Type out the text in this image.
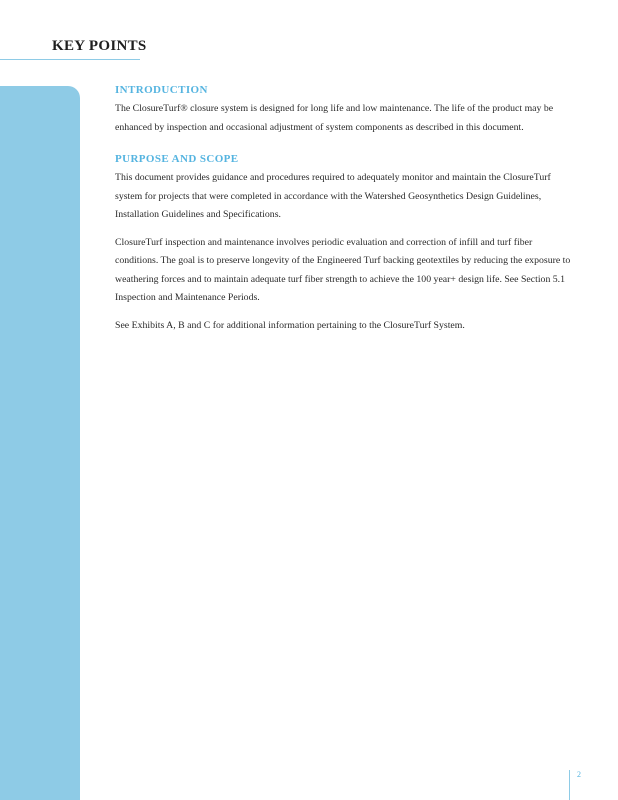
KEY POINTS
INTRODUCTION

The ClosureTurf® closure system is designed for long life and low maintenance. The life of the product may be enhanced by inspection and occasional adjustment of system components as described in this document.

PURPOSE AND SCOPE

This document provides guidance and procedures required to adequately monitor and maintain the ClosureTurf system for projects that were completed in accordance with the Watershed Geosynthetics Design Guidelines, Installation Guidelines and Specifications.

ClosureTurf inspection and maintenance involves periodic evaluation and correction of infill and turf fiber conditions. The goal is to preserve longevity of the Engineered Turf backing geotextiles by reducing the exposure to weathering forces and to maintain adequate turf fiber strength to achieve the 100 year+ design life. See Section 5.1 Inspection and Maintenance Periods.

See Exhibits A, B and C for additional information pertaining to the ClosureTurf System.

2
